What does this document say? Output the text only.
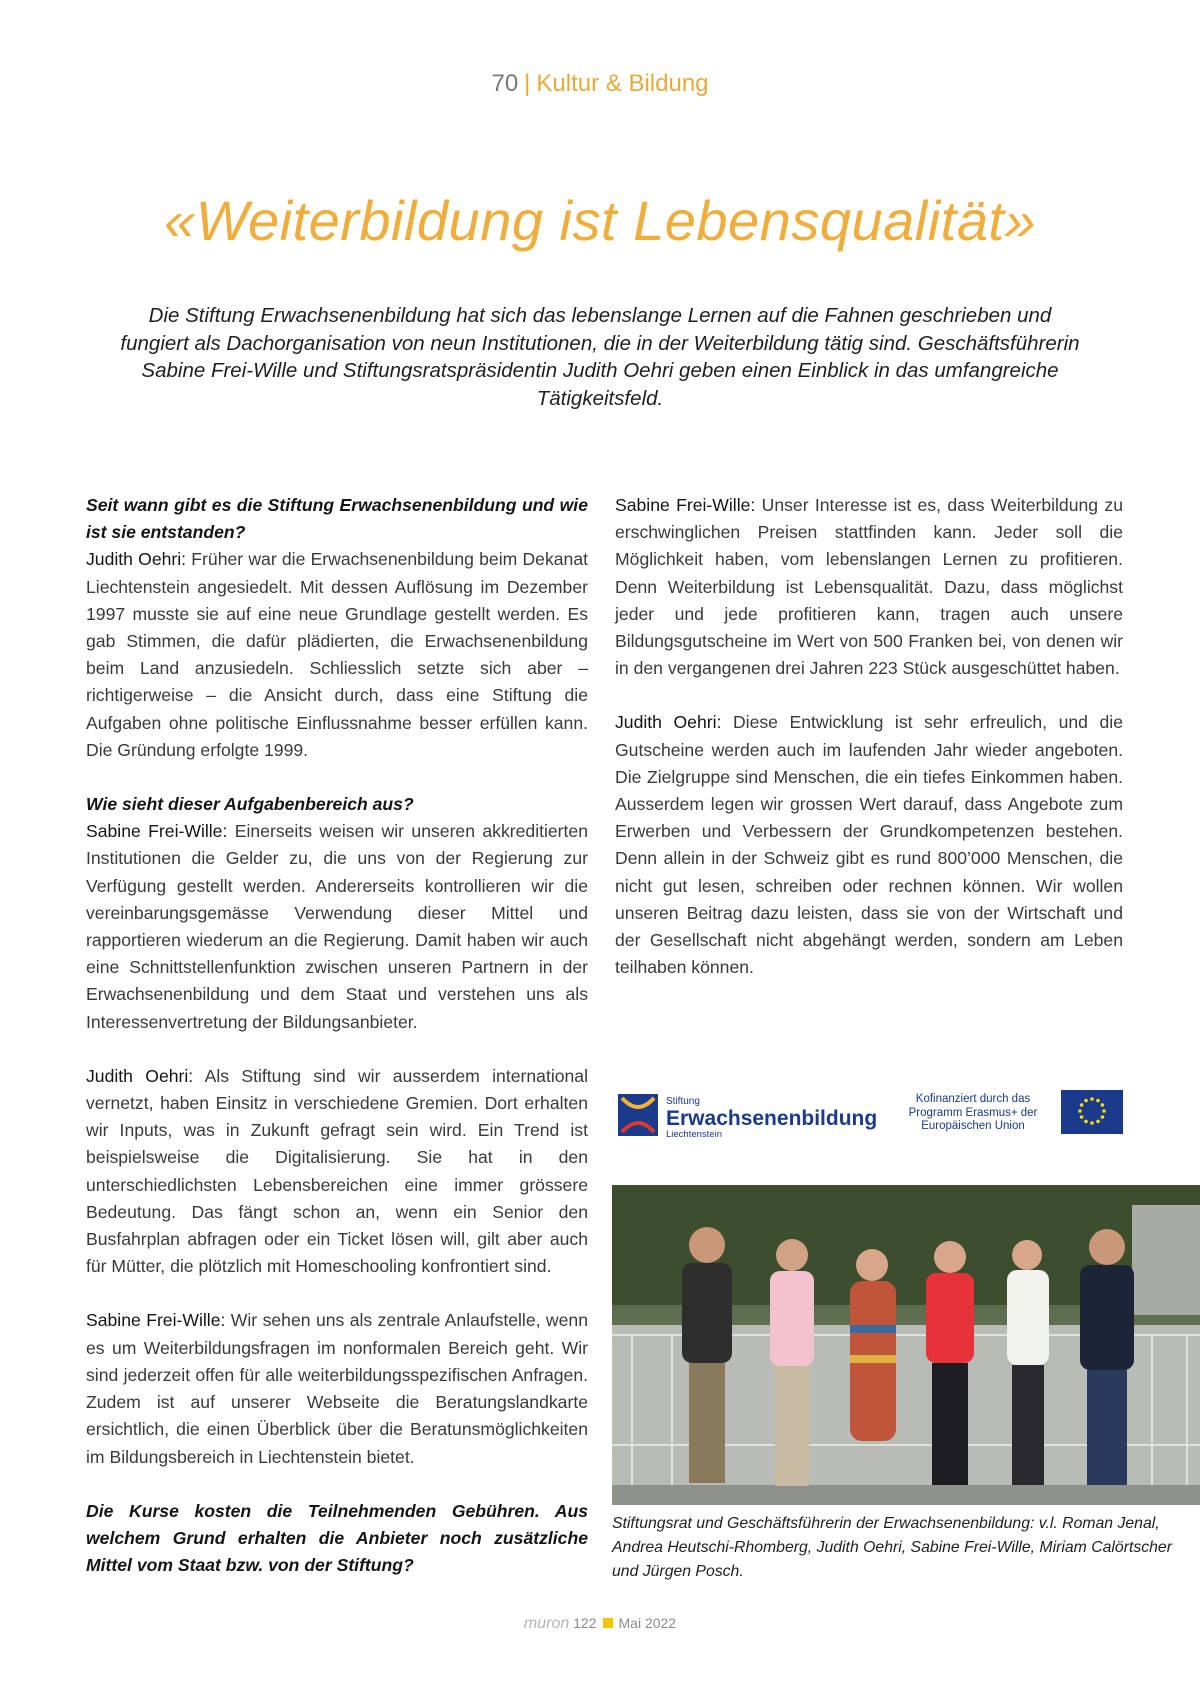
70 | Kultur & Bildung
«Weiterbildung ist Lebensqualität»
Die Stiftung Erwachsenenbildung hat sich das lebenslange Lernen auf die Fahnen geschrieben und fungiert als Dachorganisation von neun Institutionen, die in der Weiterbildung tätig sind. Geschäftsführerin Sabine Frei-Wille und Stiftungsratspräsidentin Judith Oehri geben einen Einblick in das umfangreiche Tätigkeitsfeld.
Seit wann gibt es die Stiftung Erwachsenenbildung und wie ist sie entstanden?
Judith Oehri: Früher war die Erwachsenenbildung beim Dekanat Liechtenstein angesiedelt. Mit dessen Auflösung im Dezember 1997 musste sie auf eine neue Grundlage gestellt werden. Es gab Stimmen, die dafür plädierten, die Erwachsenenbildung beim Land anzusiedeln. Schliesslich setzte sich aber – richtigerweise – die Ansicht durch, dass eine Stiftung die Aufgaben ohne politische Einflussnahme besser erfüllen kann. Die Gründung erfolgte 1999.
Wie sieht dieser Aufgabenbereich aus?
Sabine Frei-Wille: Einerseits weisen wir unseren akkreditierten Institutionen die Gelder zu, die uns von der Regierung zur Verfügung gestellt werden. Andererseits kontrollieren wir die vereinbarungsgemässe Verwendung dieser Mittel und rapportieren wiederum an die Regierung. Damit haben wir auch eine Schnittstellenfunktion zwischen unseren Partnern in der Erwachsenenbildung und dem Staat und verstehen uns als Interessenvertretung der Bildungsanbieter.
Judith Oehri: Als Stiftung sind wir ausserdem international vernetzt, haben Einsitz in verschiedene Gremien. Dort erhalten wir Inputs, was in Zukunft gefragt sein wird. Ein Trend ist beispielsweise die Digitalisierung. Sie hat in den unterschiedlichsten Lebensbereichen eine immer grössere Bedeutung. Das fängt schon an, wenn ein Senior den Busfahrplan abfragen oder ein Ticket lösen will, gilt aber auch für Mütter, die plötzlich mit Homeschooling konfrontiert sind.
Sabine Frei-Wille: Wir sehen uns als zentrale Anlaufstelle, wenn es um Weiterbildungsfragen im nonformalen Bereich geht. Wir sind jederzeit offen für alle weiterbildungsspezifischen Anfragen. Zudem ist auf unserer Webseite die Beratungslandkarte ersichtlich, die einen Überblick über die Beratunsmöglichkeiten im Bildungsbereich in Liechtenstein bietet.
Die Kurse kosten die Teilnehmenden Gebühren. Aus welchem Grund erhalten die Anbieter noch zusätzliche Mittel vom Staat bzw. von der Stiftung?
Sabine Frei-Wille: Unser Interesse ist es, dass Weiterbildung zu erschwinglichen Preisen stattfinden kann. Jeder soll die Möglichkeit haben, vom lebenslangen Lernen zu profitieren. Denn Weiterbildung ist Lebensqualität. Dazu, dass möglichst jeder und jede profitieren kann, tragen auch unsere Bildungsgutscheine im Wert von 500 Franken bei, von denen wir in den vergangenen drei Jahren 223 Stück ausgeschüttet haben.
Judith Oehri: Diese Entwicklung ist sehr erfreulich, und die Gutscheine werden auch im laufenden Jahr wieder angeboten. Die Zielgruppe sind Menschen, die ein tiefes Einkommen haben. Ausserdem legen wir grossen Wert darauf, dass Angebote zum Erwerben und Verbessern der Grundkompetenzen bestehen. Denn allein in der Schweiz gibt es rund 800’000 Menschen, die nicht gut lesen, schreiben oder rechnen können. Wir wollen unseren Beitrag dazu leisten, dass sie von der Wirtschaft und der Gesellschaft nicht abgehängt werden, sondern am Leben teilhaben können.
Stiftung
Erwachsenenbildung
Liechtenstein
Kofinanziert durch das Programm Erasmus+ der Europäischen Union
Stiftungsrat und Geschäftsführerin der Erwachsenenbildung: v.l. Roman Jenal, Andrea Heutschi-Rhomberg, Judith Oehri, Sabine Frei-Wille, Miriam Calörtscher und Jürgen Posch.
muron 122 Mai 2022
